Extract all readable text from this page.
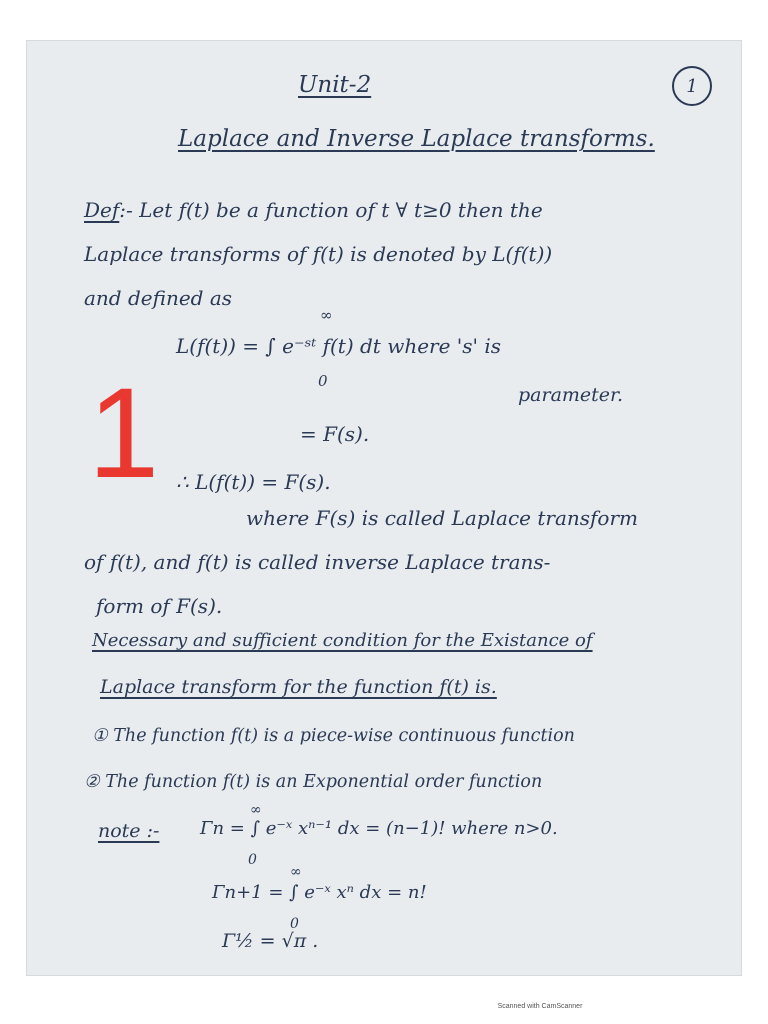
Unit-2	1
Laplace and Inverse Laplace transforms.
1
Def:- Let f(t) be a function of t ∀ t≥0 then the
Laplace transforms of f(t) is denoted by L(f(t))
and defined as
∞
L(f(t)) = ∫ e⁻ˢᵗ f(t) dt where 's' is
0
parameter.
= F(s).
∴ L(f(t)) = F(s).
where F(s) is called Laplace transform
of f(t), and f(t) is called inverse Laplace trans-
form of F(s).
Necessary and sufficient condition for the Existance of
Laplace transform for the function f(t) is.
① The function f(t) is a piece-wise continuous function
② The function f(t) is an Exponential order function
note :-
∞
Γn = ∫ e⁻ˣ xⁿ⁻¹ dx = (n−1)! where n>0.
0
∞
Γn+1 = ∫ e⁻ˣ xⁿ dx = n!
0
Γ½ = √π .
Scanned with CamScanner
